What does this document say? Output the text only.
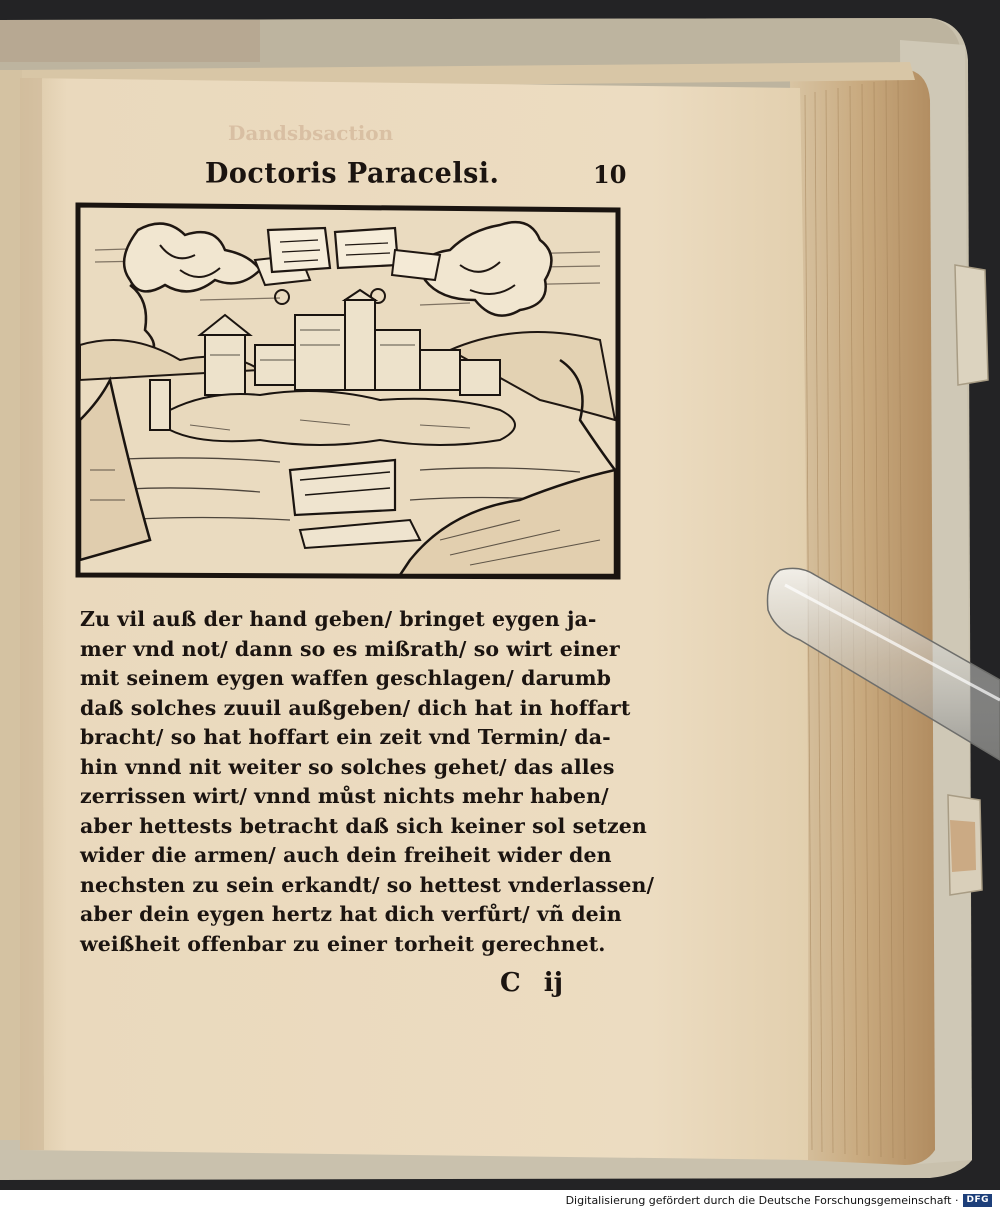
Dandsbsaction
Doctoris Paracelsi.	10
Zu vil auß der hand geben/ bringet eygen ja-
mer vnd not/ dann so es mißrath/ so wirt einer
mit seinem eygen waffen geschlagen/ darumb
daß solches zuuil außgeben/ dich hat in hoffart
bracht/ so hat hoffart ein zeit vnd Termin/ da-
hin vnnd nit weiter so solches gehet/ das alles
zerrissen wirt/ vnnd můst nichts mehr haben/
aber hettests betracht daß sich keiner sol setzen
wider die armen/ auch dein freiheit wider den
nechsten zu sein erkandt/ so hettest vnderlassen/
aber dein eygen hertz hat dich verfůrt/ vñ dein
weißheit offenbar zu einer torheit gerechnet.
C ij
Digitalisierung gefördert durch die Deutsche Forschungsgemeinschaft · DFG
